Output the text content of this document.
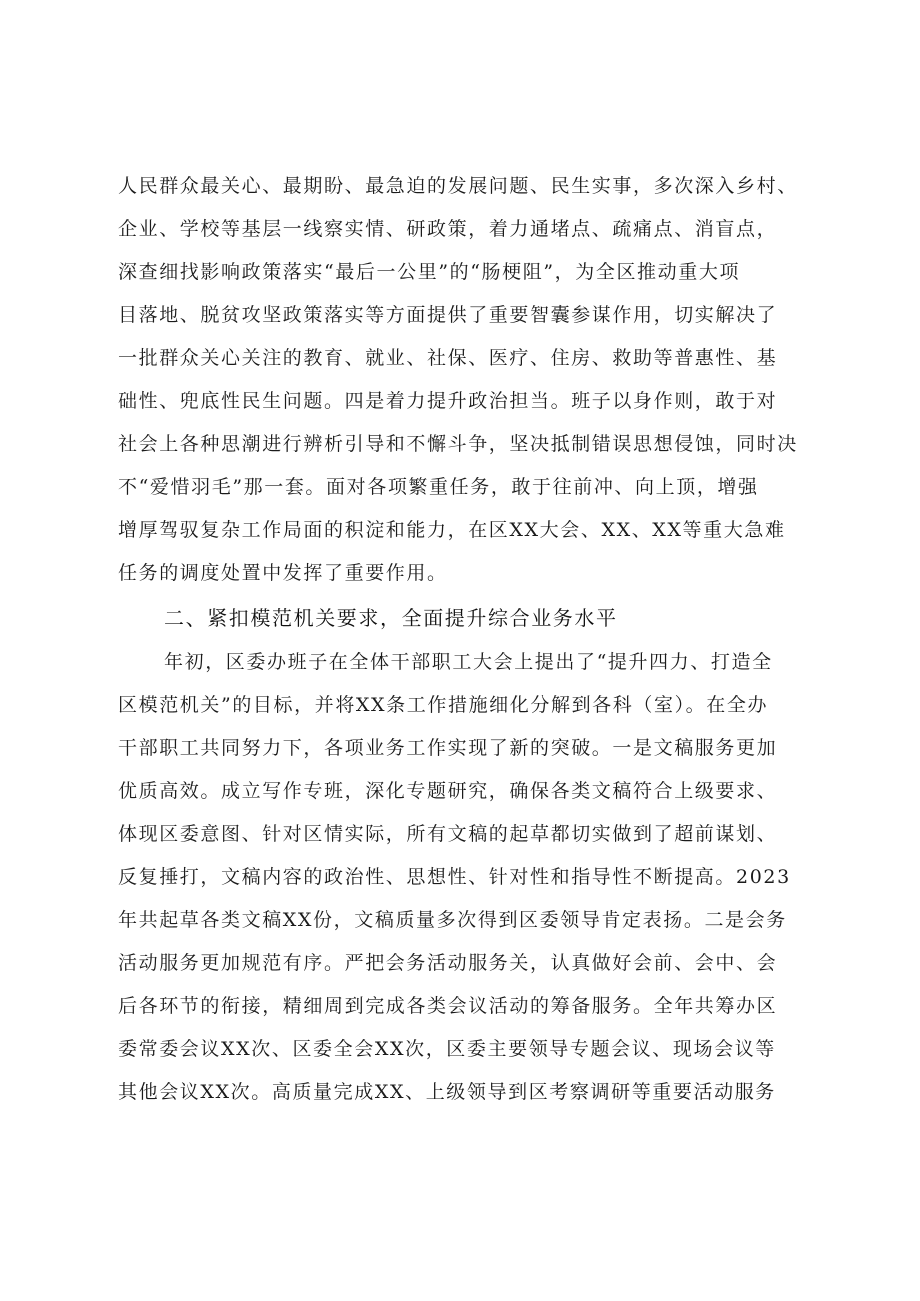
人民群众最关心、最期盼、最急迫的发展问题、民生实事，多次深入乡村、
企业、学校等基层一线察实情、研政策，着力通堵点、疏痛点、消盲点，
深查细找影响政策落实“最后一公里”的“肠梗阻”，为全区推动重大项
目落地、脱贫攻坚政策落实等方面提供了重要智囊参谋作用，切实解决了
一批群众关心关注的教育、就业、社保、医疗、住房、救助等普惠性、基
础性、兜底性民生问题。四是着力提升政治担当。班子以身作则，敢于对
社会上各种思潮进行辨析引导和不懈斗争，坚决抵制错误思想侵蚀，同时决
不“爱惜羽毛”那一套。面对各项繁重任务，敢于往前冲、向上顶，增强
增厚驾驭复杂工作局面的积淀和能力，在区XX大会、XX、XX等重大急难
任务的调度处置中发挥了重要作用。
二、紧扣模范机关要求，全面提升综合业务水平
年初，区委办班子在全体干部职工大会上提出了“提升四力、打造全
区模范机关”的目标，并将XX条工作措施细化分解到各科（室）。在全办
干部职工共同努力下，各项业务工作实现了新的突破。一是文稿服务更加
优质高效。成立写作专班，深化专题研究，确保各类文稿符合上级要求、
体现区委意图、针对区情实际，所有文稿的起草都切实做到了超前谋划、
反复捶打，文稿内容的政治性、思想性、针对性和指导性不断提高。2023
年共起草各类文稿XX份，文稿质量多次得到区委领导肯定表扬。二是会务
活动服务更加规范有序。严把会务活动服务关，认真做好会前、会中、会
后各环节的衔接，精细周到完成各类会议活动的筹备服务。全年共筹办区
委常委会议XX次、区委全会XX次，区委主要领导专题会议、现场会议等
其他会议XX次。高质量完成XX、上级领导到区考察调研等重要活动服务
